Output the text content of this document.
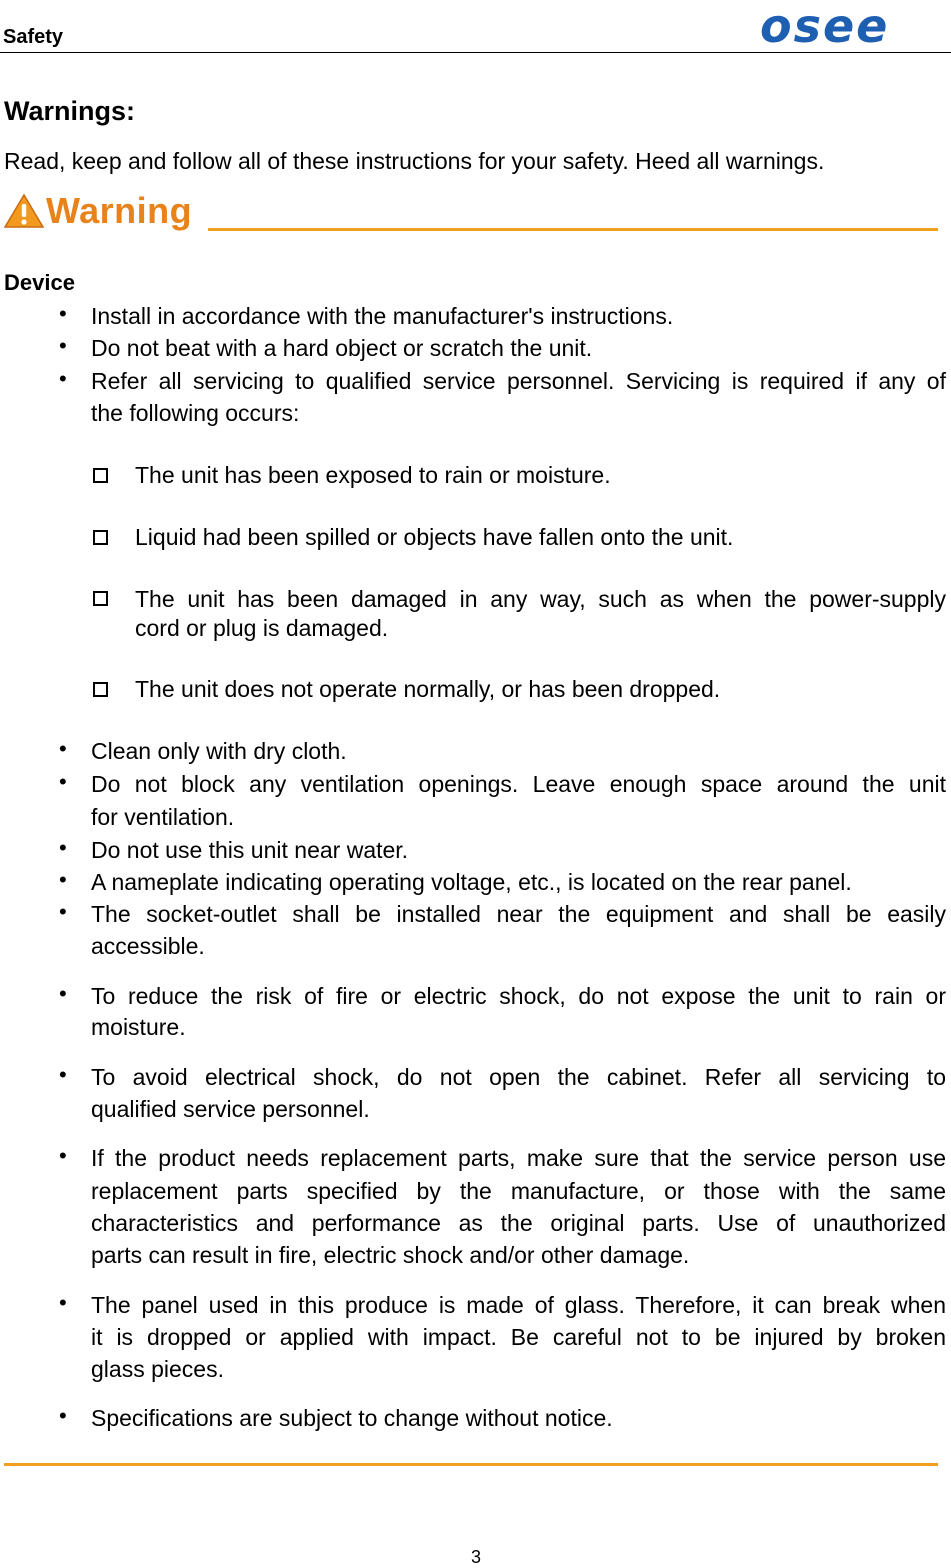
Safety	osee
Warnings:
Read, keep and follow all of these instructions for your safety. Heed all warnings.
Warning
Device
• Install in accordance with the manufacturer's instructions.
• Do not beat with a hard object or scratch the unit.
• Refer all servicing to qualified service personnel. Servicing is required if any of
the following occurs:
The unit has been exposed to rain or moisture.
Liquid had been spilled or objects have fallen onto the unit.
The unit has been damaged in any way, such as when the power-supply
cord or plug is damaged.
The unit does not operate normally, or has been dropped.
• Clean only with dry cloth.
• Do not block any ventilation openings. Leave enough space around the unit
for ventilation.
• Do not use this unit near water.
• A nameplate indicating operating voltage, etc., is located on the rear panel.
• The socket-outlet shall be installed near the equipment and shall be easily
accessible.
• To reduce the risk of fire or electric shock, do not expose the unit to rain or
moisture.
• To avoid electrical shock, do not open the cabinet. Refer all servicing to
qualified service personnel.
• If the product needs replacement parts, make sure that the service person use
replacement parts specified by the manufacture, or those with the same
characteristics and performance as the original parts. Use of unauthorized
parts can result in fire, electric shock and/or other damage.
• The panel used in this produce is made of glass. Therefore, it can break when
it is dropped or applied with impact. Be careful not to be injured by broken
glass pieces.
• Specifications are subject to change without notice.
3
